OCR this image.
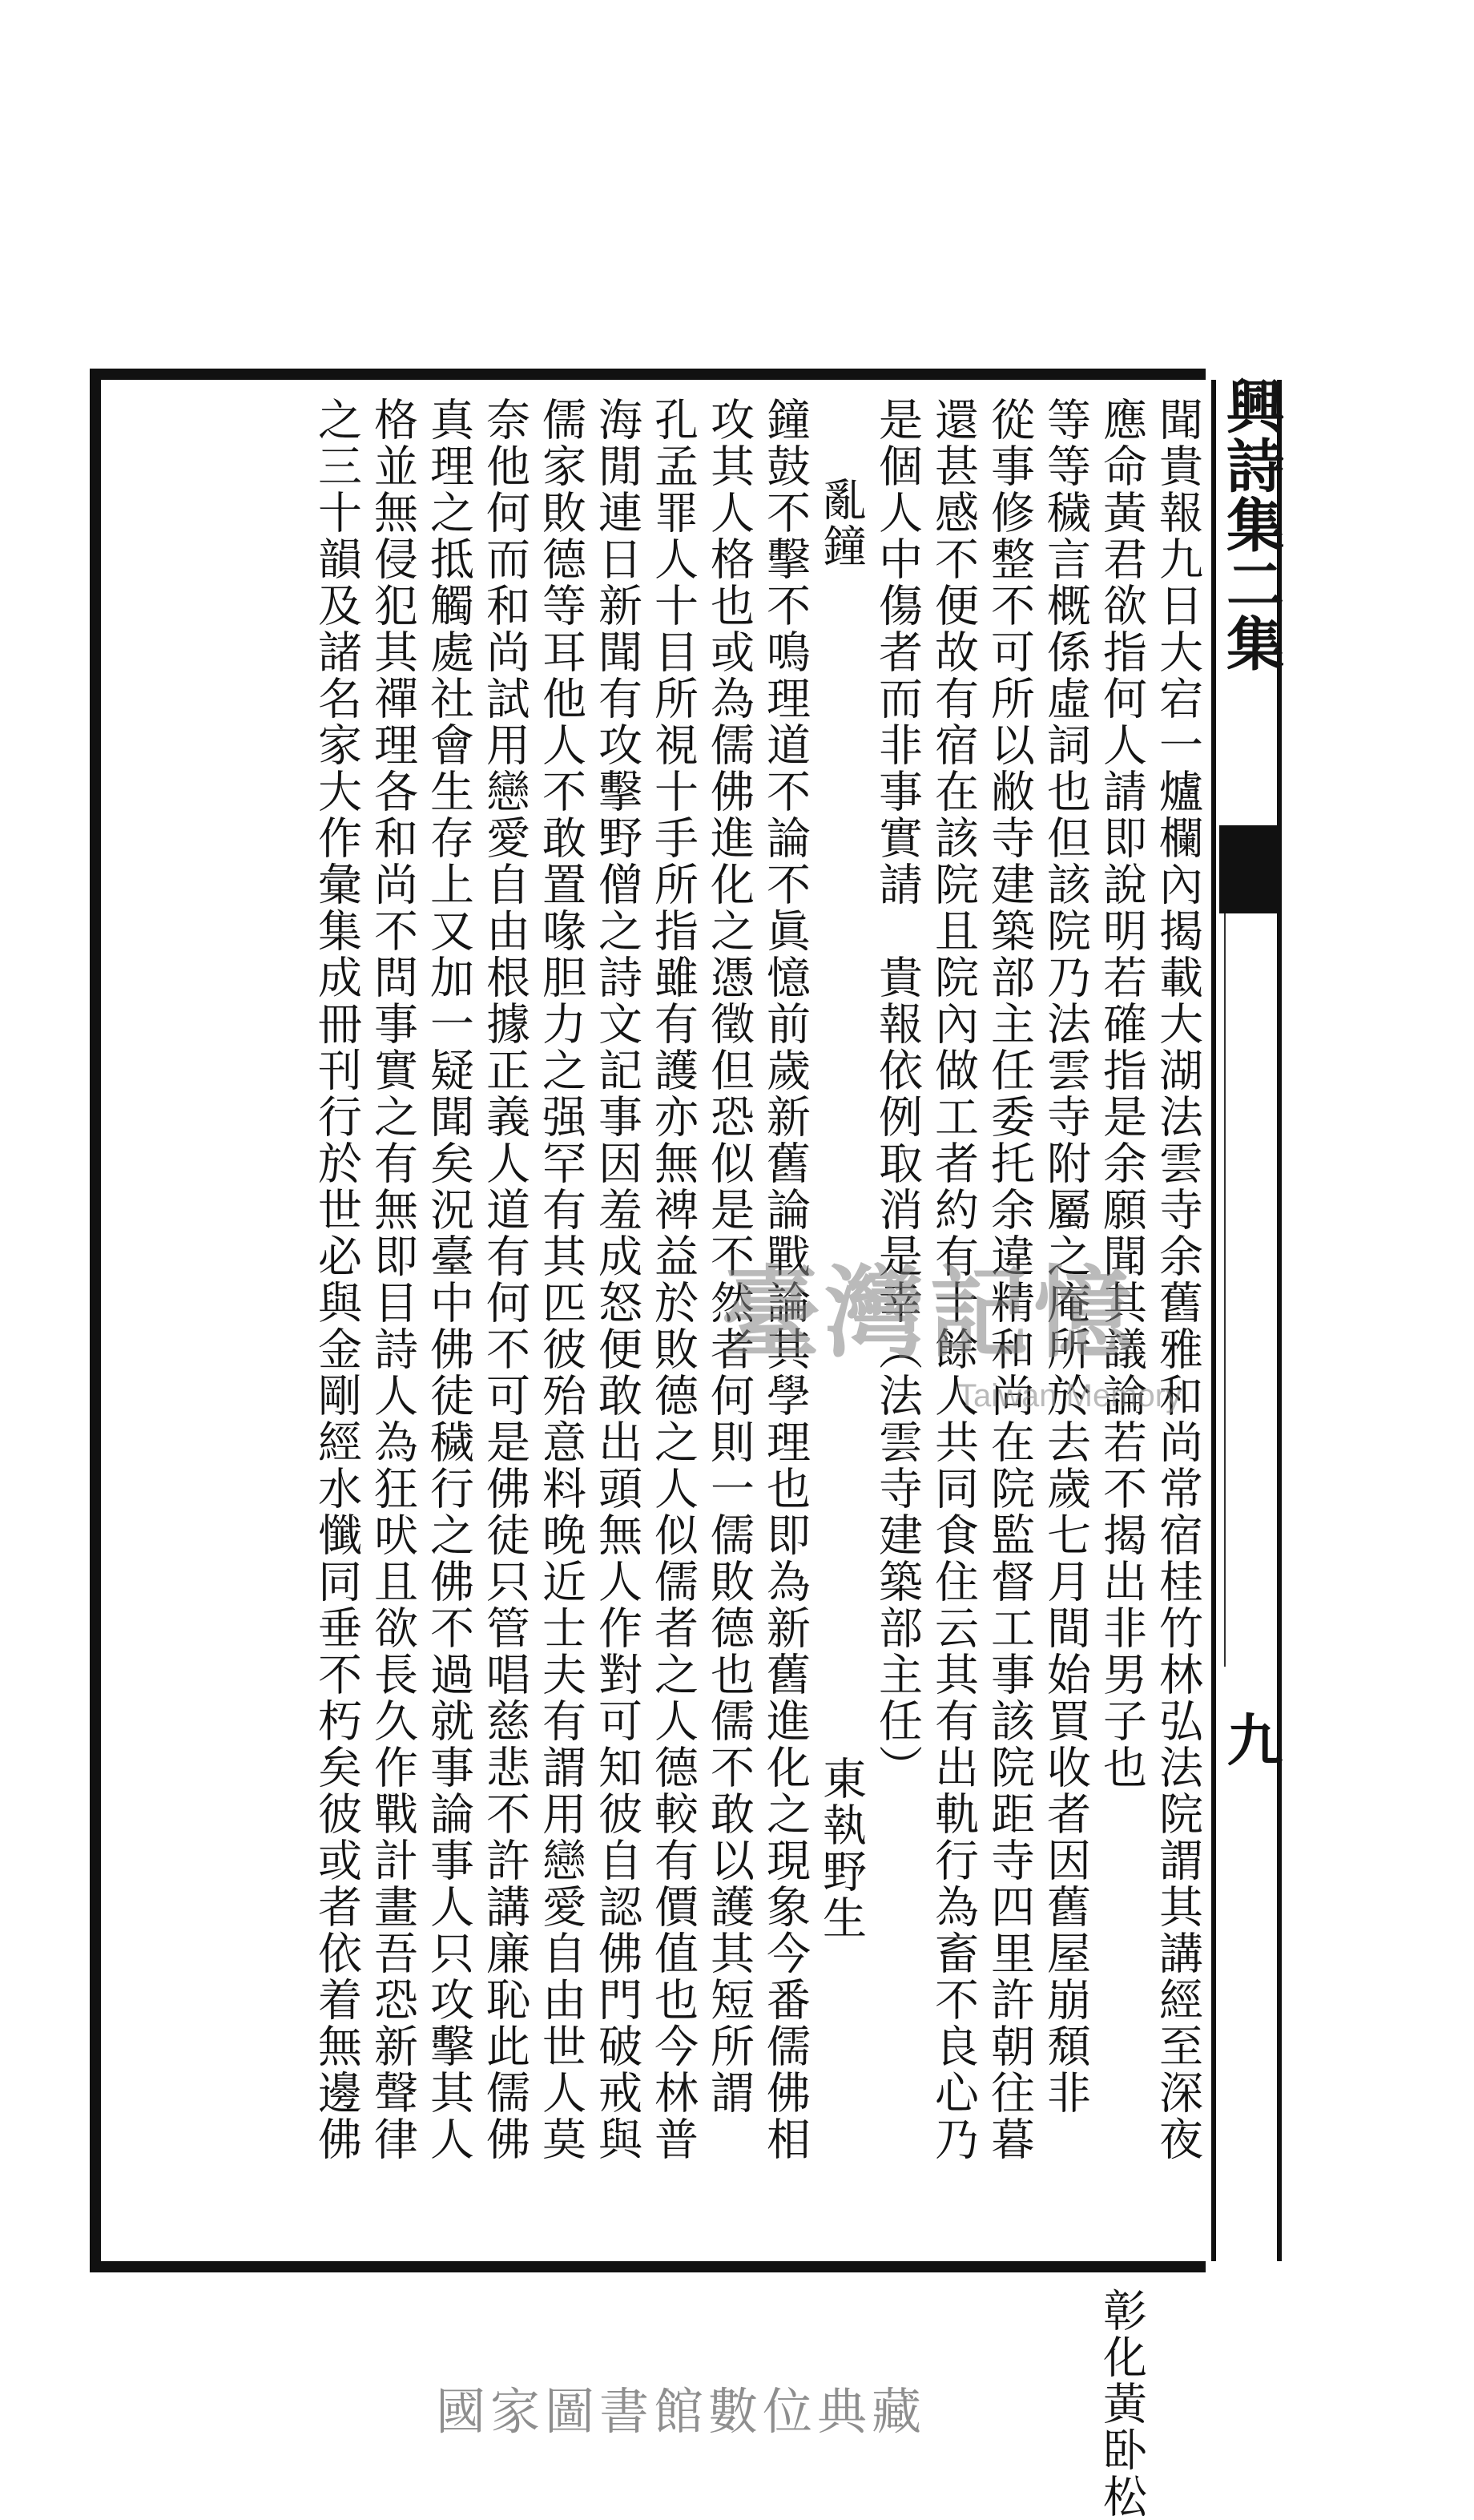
興詩集二集
九
聞貴報九日大宕一爐欄內揭載大湖法雲寺余舊雅和尚常宿桂竹林弘法院謂其講經至深夜
應命黃君欲指何人請即說明若確指是余願聞其議論若不揭出非男子也彰化黃卧松
等等穢言概係虛詞也但該院乃法雲寺附屬之庵所於去歲七月間始買收者因舊屋崩頹非
從事修整不可所以敝寺建築部主任委托余違精和尚在院監督工事該院距寺四里許朝往暮
還甚感不便故有宿在該院且院內做工者約有十餘人共同食住云其有出軌行為畜不良心乃
是個人中傷者而非事實請　貴報依例取消是幸（法雲寺建築部主任）
亂鐘東執野生
鐘鼓不擊不鳴理道不論不眞憶前歲新舊論戰論其學理也即為新舊進化之現象今番儒佛相
攻其人格也或為儒佛進化之憑徵但恐似是不然者何則一儒敗德也儒不敢以護其短所謂
孔孟罪人十目所視十手所指雖有護亦無裨益於敗德之人似儒者之人德較有價值也今林普
海閒連日新聞有攻擊野僧之詩文記事因羞成怒便敢出頭無人作對可知彼自認佛門破戒與
儒家敗德等耳他人不敢置喙胆力之强罕有其匹彼殆意料晚近士夫有謂用戀愛自由世人莫
奈他何而和尚試用戀愛自由根據正義人道有何不可是佛徒只管唱慈悲不許講廉恥此儒佛
真理之抵觸處社會生存上又加一疑聞矣況臺中佛徒穢行之佛不過就事論事人只攻擊其人
格並無侵犯其禪理各和尚不問事實之有無即目詩人為狂吠且欲長久作戰計畫吾恐新聲律
之三十韻及諸名家大作彙集成冊刊行於世必與金剛經水懺同垂不朽矣彼或者依着無邊佛	臺灣記憶
Taiwan Memory
國家圖書館數位典藏
